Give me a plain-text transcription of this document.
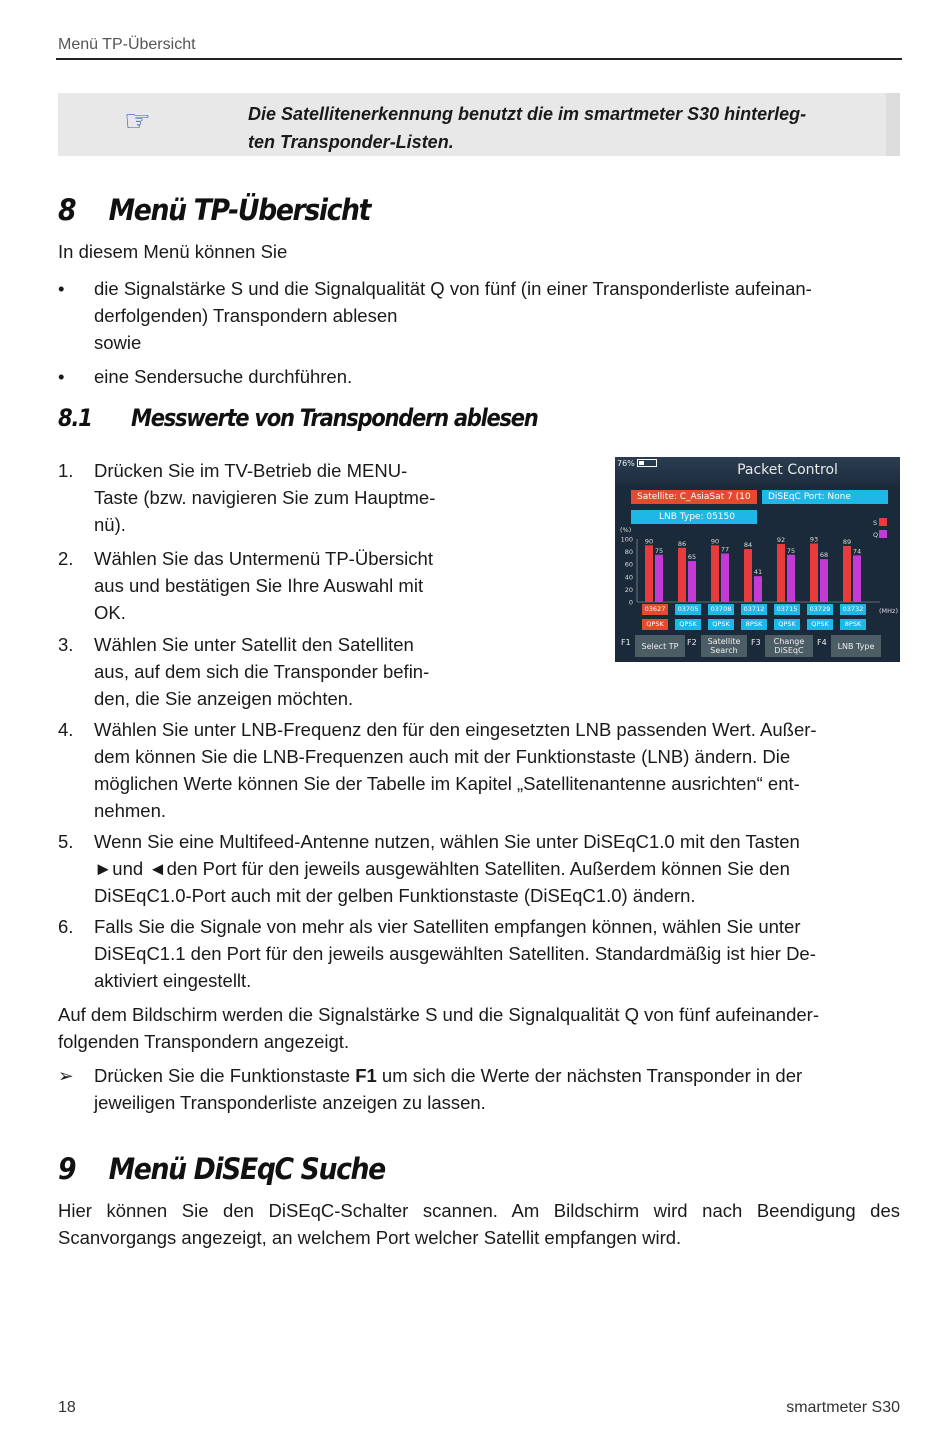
Menü TP-Übersicht
☞	Die Satellitenerkennung benutzt die im smartmeter S30 hinterleg-
ten Transponder-Listen.
8 Menü TP-Übersicht
In diesem Menü können Sie
• die Signalstärke S und die Signalqualität Q von fünf (in einer Transponderliste aufeinan-
derfolgenden) Transpondern ablesen
sowie
• eine Sendersuche durchführen.
8.1 Messwerte von Transpondern ablesen
1. Drücken Sie im TV-Betrieb die MENU-
Taste (bzw. navigieren Sie zum Hauptme-
nü).
2. Wählen Sie das Untermenü TP-Übersicht
aus und bestätigen Sie Ihre Auswahl mit
OK.
3. Wählen Sie unter Satellit den Satelliten
aus, auf dem sich die Transponder befin-
den, die Sie anzeigen möchten.
4. Wählen Sie unter LNB-Frequenz den für den eingesetzten LNB passenden Wert. Außer-
dem können Sie die LNB-Frequenzen auch mit der Funktionstaste (LNB) ändern. Die
möglichen Werte können Sie der Tabelle im Kapitel „Satellitenantenne ausrichten“ ent-
nehmen.
5. Wenn Sie eine Multifeed-Antenne nutzen, wählen Sie unter DiSEqC1.0 mit den Tasten
►und ◄den Port für den jeweils ausgewählten Satelliten. Außerdem können Sie den
DiSEqC1.0-Port auch mit der gelben Funktionstaste (DiSEqC1.0) ändern.
6. Falls Sie die Signale von mehr als vier Satelliten empfangen können, wählen Sie unter
DiSEqC1.1 den Port für den jeweils ausgewählten Satelliten. Standardmäßig ist hier De-
aktiviert eingestellt.
Auf dem Bildschirm werden die Signalstärke S und die Signalqualität Q von fünf aufeinander-
folgenden Transpondern angezeigt.
➢ Drücken Sie die Funktionstaste F1 um sich die Werte der nächsten Transponder in der
jeweiligen Transponderliste anzeigen zu lassen.
76%	Packet Control
Satellite: C_AsiaSat 7 (10	DiSEqC Port: None
LNB Type: 05150
(%)
100
80
60
40
20
0
90
75
86
65
90
77
84
41
92
75
93
68
89
74
S
Q
(MHz)
03627
QPSK
03705
QPSK
03708
QPSK
03712
8PSK
03715
QPSK
03729
QPSK
03732
8PSK
F1 Select TP F2 Satellite
Search
F3 Change
DiSEqC
F4 LNB Type
9 Menü DiSEqC Suche
Hier können Sie den DiSEqC-Schalter scannen. Am Bildschirm wird nach Beendigung des
Scanvorgangs angezeigt, an welchem Port welcher Satellit empfangen wird.
18	smartmeter S30
